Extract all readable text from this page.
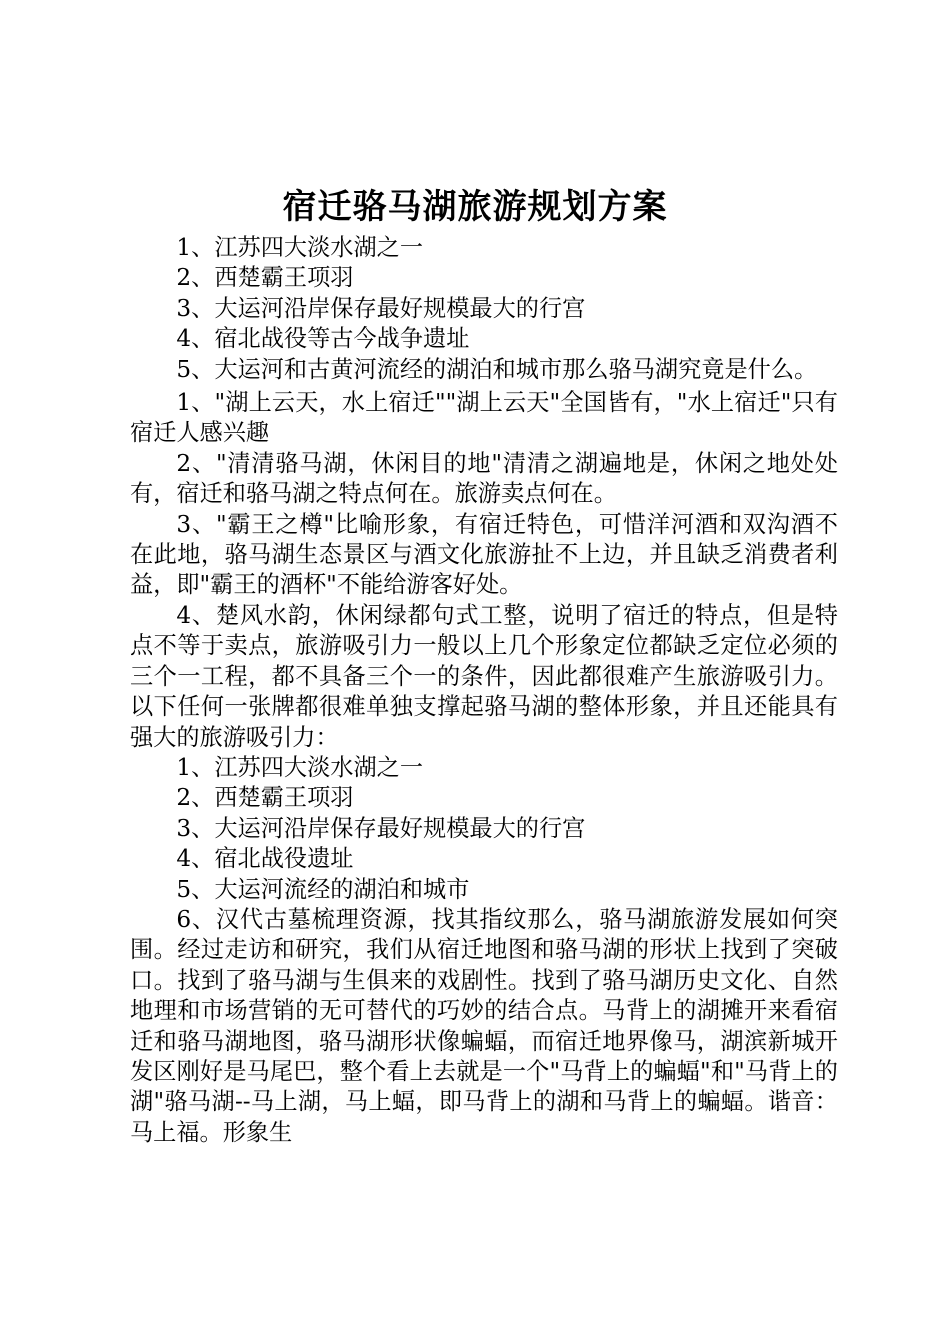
宿迁骆马湖旅游规划方案

1、江苏四大淡水湖之一

2、西楚霸王项羽

3、大运河沿岸保存最好规模最大的行宫

4、宿北战役等古今战争遗址

5、大运河和古黄河流经的湖泊和城市那么骆马湖究竟是什么。

1、"湖上云天，水上宿迁""湖上云天"全国皆有，"水上宿迁"只有宿迁人感兴趣

2、"清清骆马湖，休闲目的地"清清之湖遍地是，休闲之地处处有，宿迁和骆马湖之特点何在。旅游卖点何在。

3、"霸王之樽"比喻形象，有宿迁特色，可惜洋河酒和双沟酒不在此地，骆马湖生态景区与酒文化旅游扯不上边，并且缺乏消费者利益，即"霸王的酒杯"不能给游客好处。

4、楚风水韵，休闲绿都句式工整，说明了宿迁的特点，但是特点不等于卖点，旅游吸引力一般以上几个形象定位都缺乏定位必须的三个一工程，都不具备三个一的条件，因此都很难产生旅游吸引力。以下任何一张牌都很难单独支撑起骆马湖的整体形象，并且还能具有强大的旅游吸引力：

1、江苏四大淡水湖之一

2、西楚霸王项羽

3、大运河沿岸保存最好规模最大的行宫

4、宿北战役遗址

5、大运河流经的湖泊和城市

6、汉代古墓梳理资源，找其指纹那么，骆马湖旅游发展如何突围。经过走访和研究，我们从宿迁地图和骆马湖的形状上找到了突破口。找到了骆马湖与生俱来的戏剧性。找到了骆马湖历史文化、自然地理和市场营销的无可替代的巧妙的结合点。马背上的湖摊开来看宿迁和骆马湖地图，骆马湖形状像蝙蝠，而宿迁地界像马，湖滨新城开发区刚好是马尾巴，整个看上去就是一个"马背上的蝙蝠"和"马背上的湖"骆马湖--马上湖，马上蝠，即马背上的湖和马背上的蝙蝠。谐音：马上福。形象生
